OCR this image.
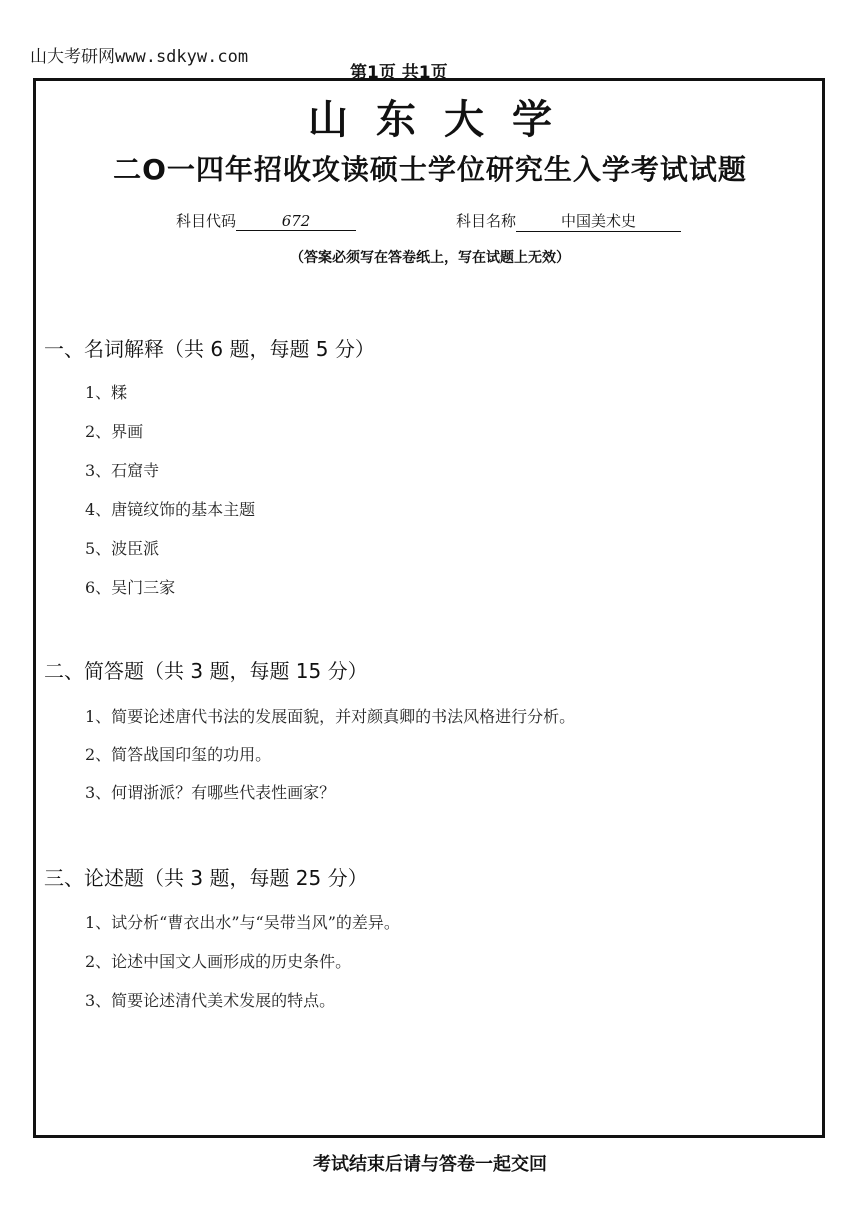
山大考研网www.sdkyw.com
第1页 共1页
山东大学
二O一四年招收攻读硕士学位研究生入学考试试题
科目代码	672	科目名称	中国美术史
（答案必须写在答卷纸上，写在试题上无效）
一、名词解释（共 6 题，每题 5 分）
1、糅
2、界画
3、石窟寺
4、唐镜纹饰的基本主题
5、波臣派
6、吴门三家
二、简答题（共 3 题，每题 15 分）
1、简要论述唐代书法的发展面貌，并对颜真卿的书法风格进行分析。
2、简答战国印玺的功用。
3、何谓浙派？有哪些代表性画家？
三、论述题（共 3 题，每题 25 分）
1、试分析“曹衣出水”与“吴带当风”的差异。
2、论述中国文人画形成的历史条件。
3、简要论述清代美术发展的特点。
考试结束后请与答卷一起交回
